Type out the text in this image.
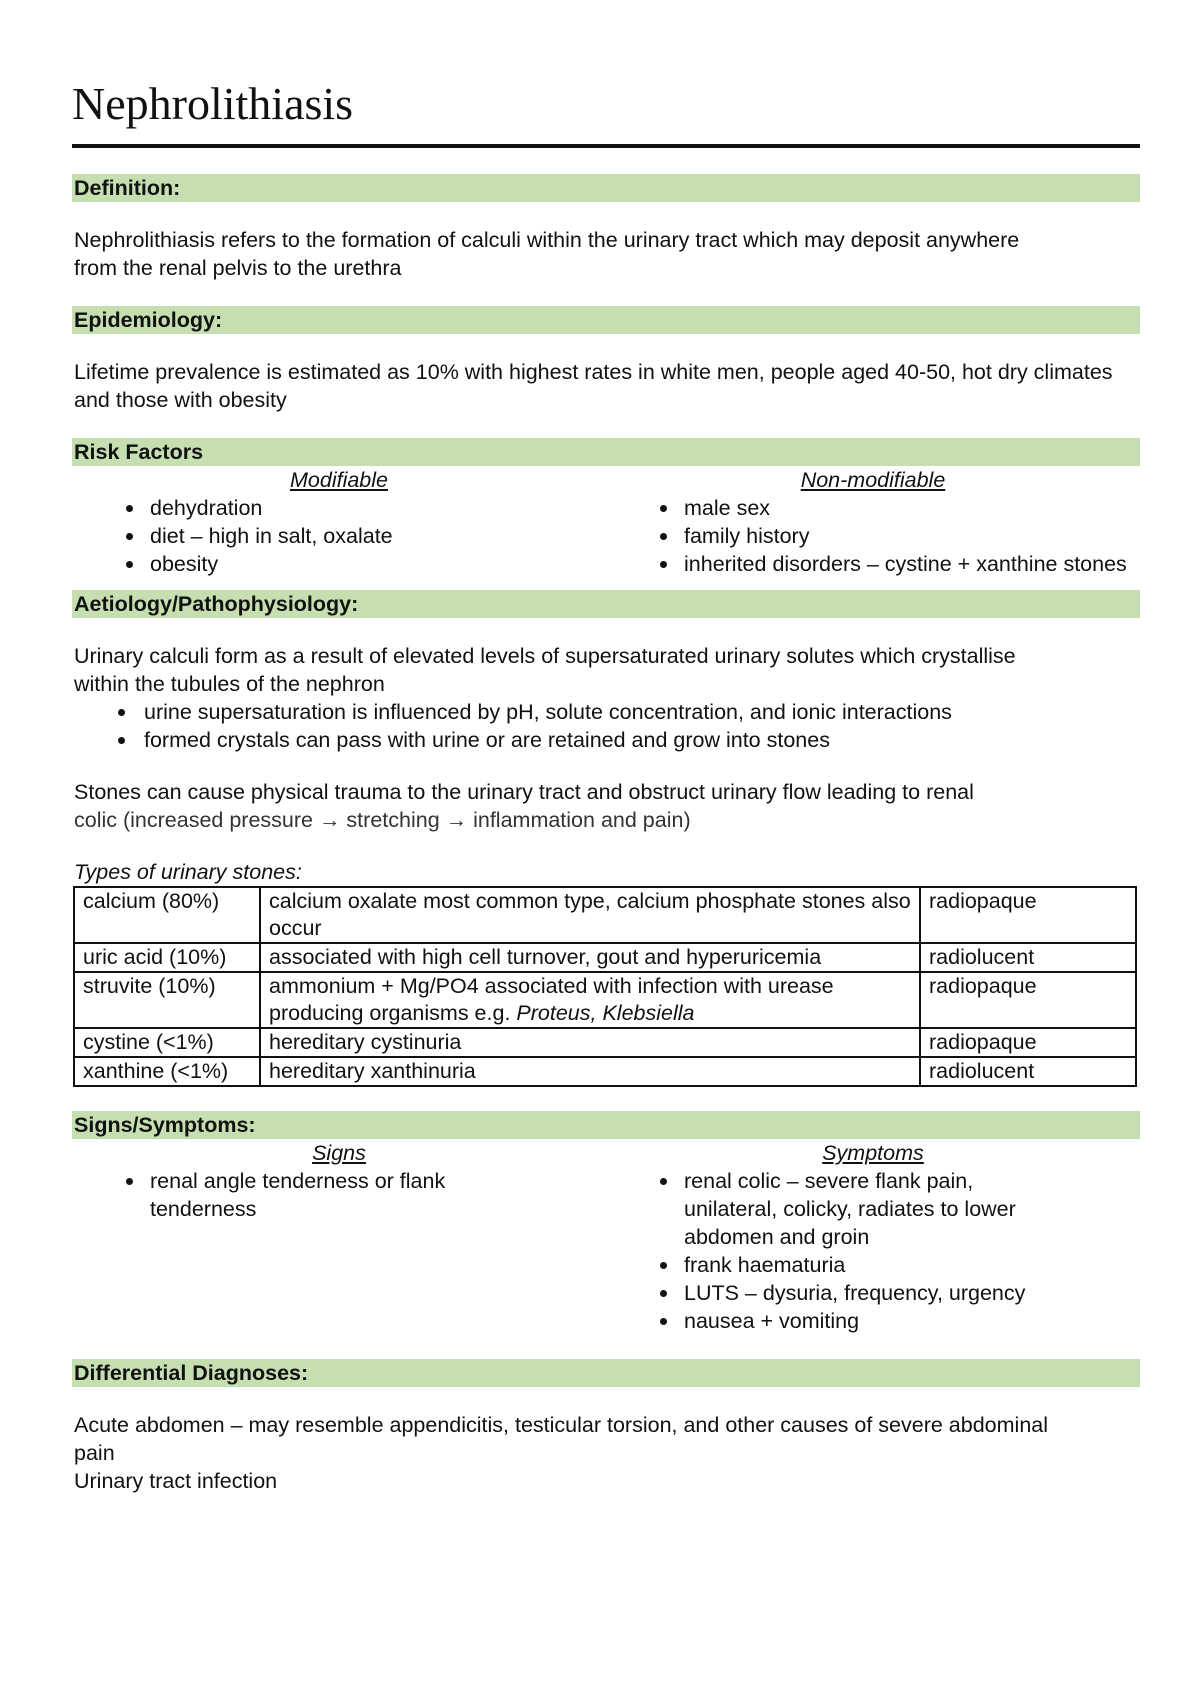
Nephrolithiasis
Definition:

Nephrolithiasis refers to the formation of calculi within the urinary tract which may deposit anywhere from the renal pelvis to the urethra

Epidemiology:

Lifetime prevalence is estimated as 10% with highest rates in white men, people aged 40-50, hot dry climates and those with obesity

Risk Factors
Modifiable
dehydration
diet – high in salt, oxalate
obesity
Non-modifiable
male sex
family history
inherited disorders – cystine + xanthine stones
Aetiology/Pathophysiology:

Urinary calculi form as a result of elevated levels of supersaturated urinary solutes which crystallise within the tubules of the nephron

urine supersaturation is influenced by pH, solute concentration, and ionic interactions
formed crystals can pass with urine or are retained and grow into stones

Stones can cause physical trauma to the urinary tract and obstruct urinary flow leading to renal

colic (increased pressure → stretching → inflammation and pain)

Types of urinary stones:

calcium (80%)	calcium oxalate most common type, calcium phosphate stones also occur	radiopaque
uric acid (10%)	associated with high cell turnover, gout and hyperuricemia	radiolucent
struvite (10%)	ammonium + Mg/PO4 associated with infection with urease producing organisms e.g. Proteus, Klebsiella	radiopaque
cystine (<1%)	hereditary cystinuria	radiopaque
xanthine (<1%)	hereditary xanthinuria	radiolucent
Signs/Symptoms:
Signs
renal angle tenderness or flank tenderness
Symptoms
renal colic – severe flank pain, unilateral, colicky, radiates to lower abdomen and groin
frank haematuria
LUTS – dysuria, frequency, urgency
nausea + vomiting
Differential Diagnoses:

Acute abdomen – may resemble appendicitis, testicular torsion, and other causes of severe abdominal pain

Urinary tract infection
